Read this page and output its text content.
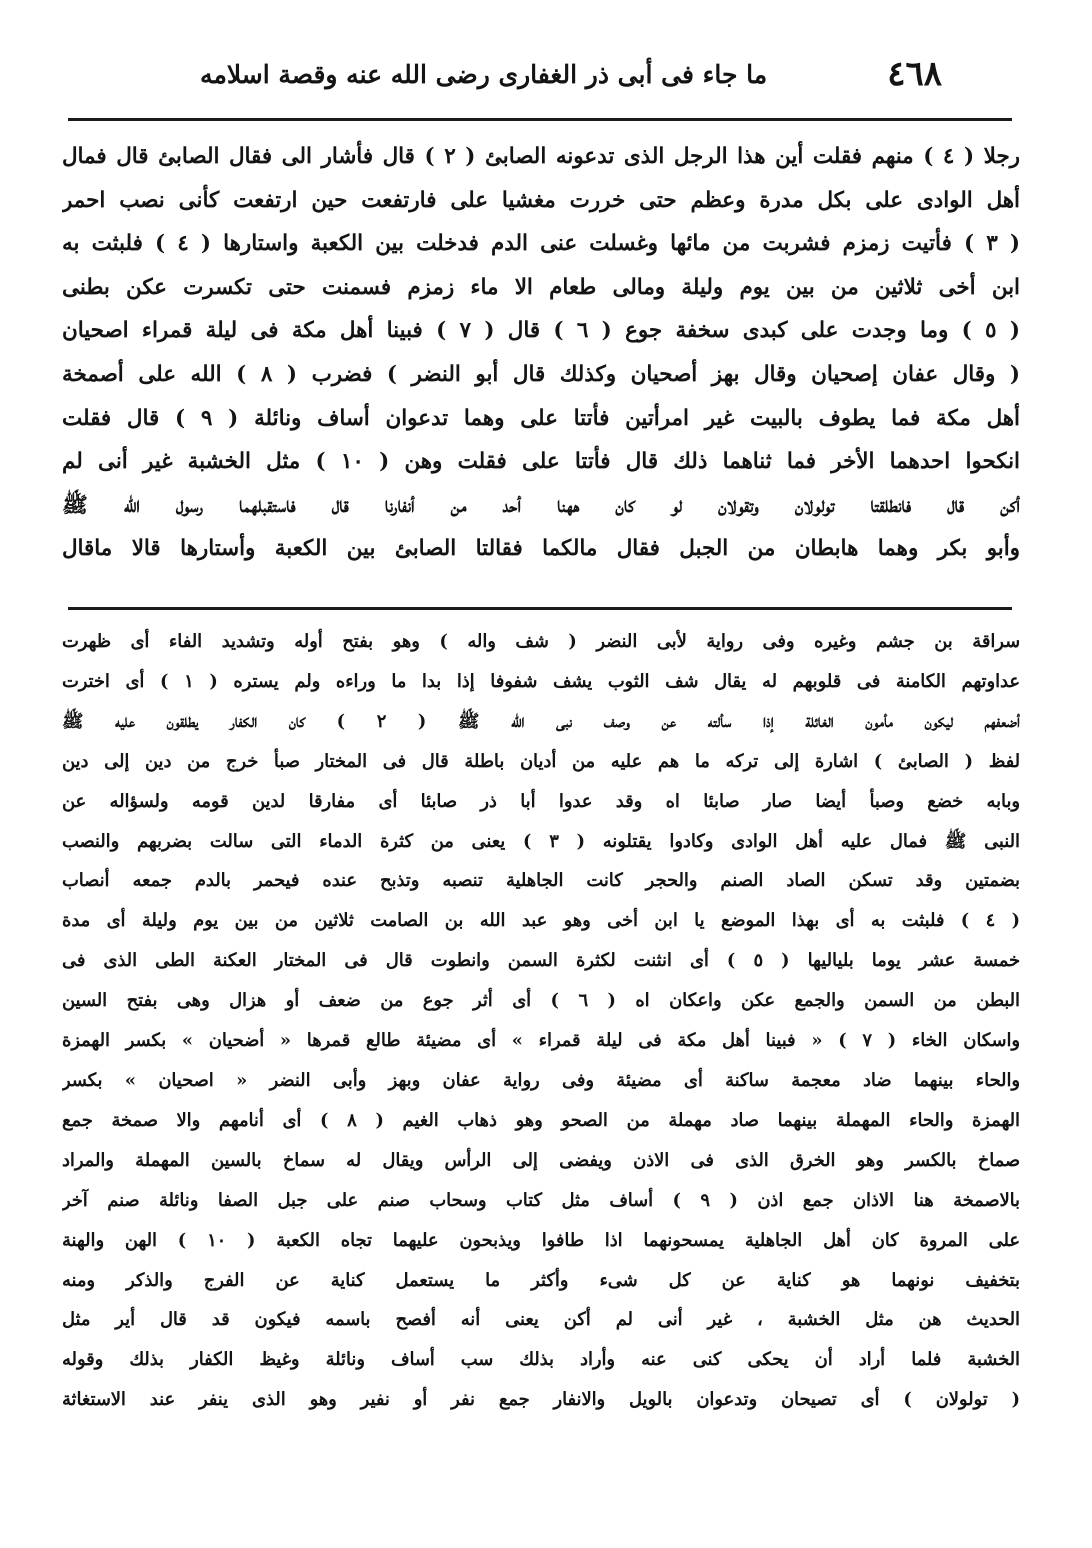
٤٦٨
ما جاء فى أبى ذر الغفارى رضى الله عنه وقصة اسلامه
رجلا ( ٤ ) منهم فقلت أين هذا الرجل الذى تدعونه الصابئ ( ٢ ) قال فأشار الى فقال الصابئ قال فمال
أهل الوادى على بكل مدرة وعظم حتى خررت مغشيا على فارتفعت حين ارتفعت كأنى نصب احمر
( ٣ ) فأتيت زمزم فشربت من مائها وغسلت عنى الدم فدخلت بين الكعبة واستارها ( ٤ ) فلبثت به
ابن أخى ثلاثين من بين يوم وليلة ومالى طعام الا ماء زمزم فسمنت حتى تكسرت عكن بطنى
( ٥ ) وما وجدت على كبدى سخفة جوع ( ٦ ) قال ( ٧ ) فبينا أهل مكة فى ليلة قمراء اصحيان
( وقال عفان إصحيان وقال بهز أصحيان وكذلك قال أبو النضر ) فضرب ( ٨ ) الله على أصمخة
أهل مكة فما يطوف بالبيت غير امرأتين فأتتا على وهما تدعوان أساف ونائلة ( ٩ ) قال فقلت
انكحوا احدهما الأخر فما ثناهما ذلك قال فأتتا على فقلت وهن ( ١٠ ) مثل الخشبة غير أنى لم
أكن قال فانطلقتا تولولان وتقولان لو كان ههنا أحد من أنفارنا قال فاستقبلهما رسول الله ﷺ
وأبو بكر وهما هابطان من الجبل فقال مالكما فقالتا الصابئ بين الكعبة وأستارها قالا ماقال
سراقة بن جشم وغيره وفى رواية لأبى النضر ( شف واله ) وهو بفتح أوله وتشديد الفاء أى ظهرت
عداوتهم الكامنة فى قلوبهم له يقال شف الثوب يشف شفوفا إذا بدا ما وراءه ولم يستره ( ١ ) أى اخترت
أضعفهم ليكون مأمون الغائلة إذا سألته عن وصف نبى الله ﷺ ( ٢ ) كان الكفار يطلقون عليه ﷺ
لفظ ( الصابئ ) اشارة إلى تركه ما هم عليه من أديان باطلة قال فى المختار صبأ خرج من دين إلى دين
وبابه خضع وصبأ أيضا صار صابئا اه وقد عدوا أبا ذر صابئا أى مفارقا لدين قومه ولسؤاله عن
النبى ﷺ فمال عليه أهل الوادى وكادوا يقتلونه ( ٣ ) يعنى من كثرة الدماء التى سالت بضربهم والنصب
بضمتين وقد تسكن الصاد الصنم والحجر كانت الجاهلية تنصبه وتذبح عنده فيحمر بالدم جمعه أنصاب
( ٤ ) فلبثت به أى بهذا الموضع يا ابن أخى وهو عبد الله بن الصامت ثلاثين من بين يوم وليلة أى مدة
خمسة عشر يوما بلياليها ( ٥ ) أى انثنت لكثرة السمن وانطوت قال فى المختار العكنة الطى الذى فى
البطن من السمن والجمع عكن واعكان اه ( ٦ ) أى أثر جوع من ضعف أو هزال وهى بفتح السين
واسكان الخاء ( ٧ ) « فبينا أهل مكة فى ليلة قمراء » أى مضيئة طالع قمرها « أضحيان » بكسر الهمزة
والحاء بينهما ضاد معجمة ساكنة أى مضيئة وفى رواية عفان وبهز وأبى النضر « اصحيان » بكسر
الهمزة والحاء المهملة بينهما صاد مهملة من الصحو وهو ذهاب الغيم ( ٨ ) أى أنامهم والا صمخة جمع
صماخ بالكسر وهو الخرق الذى فى الاذن ويفضى إلى الرأس ويقال له سماخ بالسين المهملة والمراد
بالاصمخة هنا الاذان جمع اذن ( ٩ ) أساف مثل كتاب وسحاب صنم على جبل الصفا ونائلة صنم آخر
على المروة كان أهل الجاهلية يمسحونهما اذا طافوا ويذبحون عليهما تجاه الكعبة ( ١٠ ) الهن والهنة
بتخفيف نونهما هو كناية عن كل شىء وأكثر ما يستعمل كناية عن الفرج والذكر ومنه
الحديث هن مثل الخشبة ، غير أنى لم أكن يعنى أنه أفصح باسمه فيكون قد قال أير مثل
الخشبة فلما أراد أن يحكى كنى عنه وأراد بذلك سب أساف ونائلة وغيظ الكفار بذلك وقوله
( تولولان ) أى تصيحان وتدعوان بالويل والانفار جمع نفر أو نفير وهو الذى ينفر عند الاستغاثة
